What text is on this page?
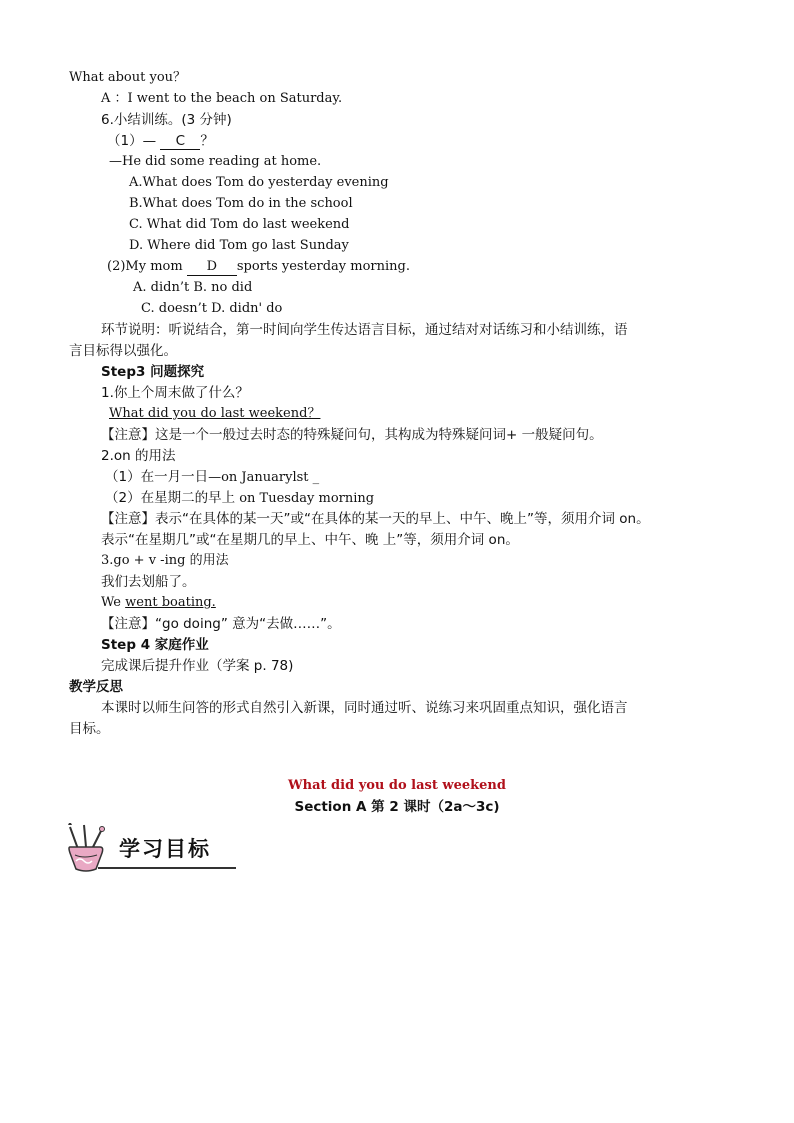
What about you？
A ：I went to the beach on Saturday.
6.小结训练。(3 分钟)
（1）— C ？
—He did some reading at home.
A.What does Tom do yesterday evening
B.What does Tom do in the school
C. What did Tom do last weekend
D. Where did Tom go last Sunday
(2)My mom D sports yesterday morning.
A. didn’t B. no did
C. doesn’t D. didn' do
环节说明：听说结合，第一时间向学生传达语言目标，通过结对对话练习和小结训练，语
言目标得以强化。
Step3 问题探究
1.你上个周末做了什么？
What did you do last weekend？
【注意】这是一个一般过去时态的特殊疑问句，其构成为特殊疑问词+ 一般疑问句。
2.on 的用法
（1）在一月一日—on Januarylst _
（2）在星期二的早上 on Tuesday morning
【注意】表示“在具体的某一天”或“在具体的某一天的早上、中午、晚上”等，须用介词 on。
表示“在星期几”或“在星期几的早上、中午、晚 上”等，须用介词 on。
3.go + v -ing 的用法
我们去划船了。
We went boating.
【注意】“go doing” 意为“去做……”。
Step 4 家庭作业
完成课后提升作业（学案 p. 78)
教学反思
本课时以师生问答的形式自然引入新课，同时通过听、说练习来巩固重点知识，强化语言
目标。
What did you do last weekend
Section A 第 2 课时（2a～3c)
学习目标
